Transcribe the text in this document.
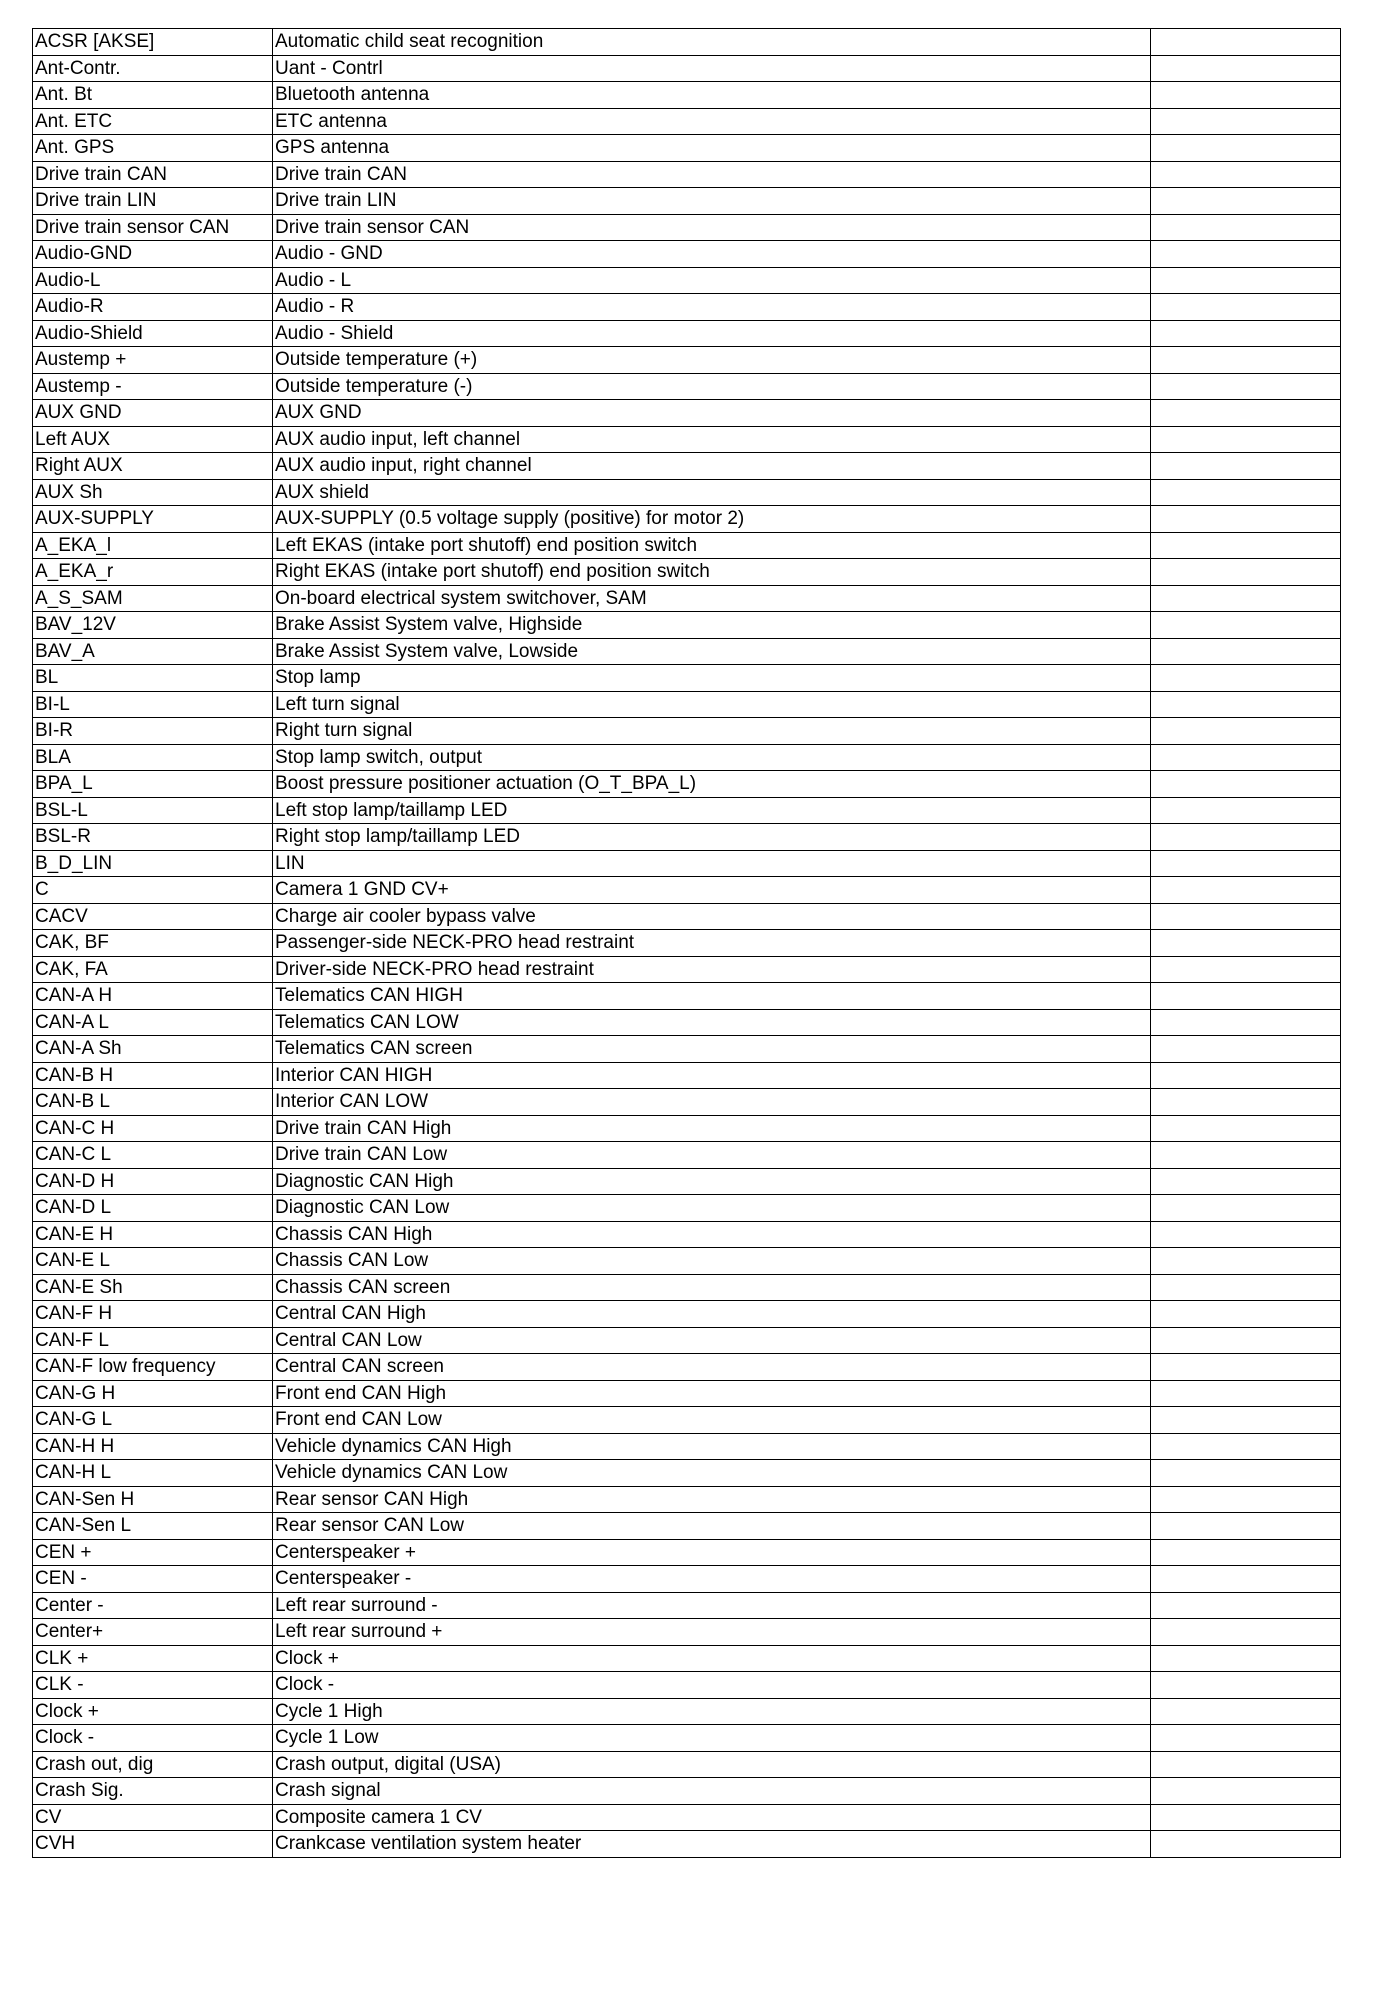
ACSR [AKSE]	Automatic child seat recognition	
Ant-Contr.	Uant - Contrl	
Ant. Bt	Bluetooth antenna	
Ant. ETC	ETC antenna	
Ant. GPS	GPS antenna	
Drive train CAN	Drive train CAN	
Drive train LIN	Drive train LIN	
Drive train sensor CAN	Drive train sensor CAN	
Audio-GND	Audio - GND	
Audio-L	Audio - L	
Audio-R	Audio - R	
Audio-Shield	Audio - Shield	
Austemp +	Outside temperature (+)	
Austemp -	Outside temperature (-)	
AUX GND	AUX GND	
Left AUX	AUX audio input, left channel	
Right AUX	AUX audio input, right channel	
AUX Sh	AUX shield	
AUX-SUPPLY	AUX-SUPPLY (0.5 voltage supply (positive) for motor 2)	
A_EKA_l	Left EKAS (intake port shutoff) end position switch	
A_EKA_r	Right EKAS (intake port shutoff) end position switch	
A_S_SAM	On-board electrical system switchover, SAM	
BAV_12V	Brake Assist System valve, Highside	
BAV_A	Brake Assist System valve, Lowside	
BL	Stop lamp	
BI-L	Left turn signal	
BI-R	Right turn signal	
BLA	Stop lamp switch, output	
BPA_L	Boost pressure positioner actuation (O_T_BPA_L)	
BSL-L	Left stop lamp/taillamp LED	
BSL-R	Right stop lamp/taillamp LED	
B_D_LIN	LIN	
C	Camera 1 GND CV+	
CACV	Charge air cooler bypass valve	
CAK, BF	Passenger-side NECK-PRO head restraint	
CAK, FA	Driver-side NECK-PRO head restraint	
CAN-A H	Telematics CAN HIGH	
CAN-A L	Telematics CAN LOW	
CAN-A Sh	Telematics CAN screen	
CAN-B H	Interior CAN HIGH	
CAN-B L	Interior CAN LOW	
CAN-C H	Drive train CAN High	
CAN-C L	Drive train CAN Low	
CAN-D H	Diagnostic CAN High	
CAN-D L	Diagnostic CAN Low	
CAN-E H	Chassis CAN High	
CAN-E L	Chassis CAN Low	
CAN-E Sh	Chassis CAN screen	
CAN-F H	Central CAN High	
CAN-F L	Central CAN Low	
CAN-F low frequency	Central CAN screen	
CAN-G H	Front end CAN High	
CAN-G L	Front end CAN Low	
CAN-H H	Vehicle dynamics CAN High	
CAN-H L	Vehicle dynamics CAN Low	
CAN-Sen H	Rear sensor CAN High	
CAN-Sen L	Rear sensor CAN Low	
CEN +	Centerspeaker +	
CEN -	Centerspeaker -	
Center -	Left rear surround -	
Center+	Left rear surround +	
CLK +	Clock +	
CLK -	Clock -	
Clock +	Cycle 1 High	
Clock -	Cycle 1 Low	
Crash out, dig	Crash output, digital (USA)	
Crash Sig.	Crash signal	
CV	Composite camera 1 CV	
CVH	Crankcase ventilation system heater	
